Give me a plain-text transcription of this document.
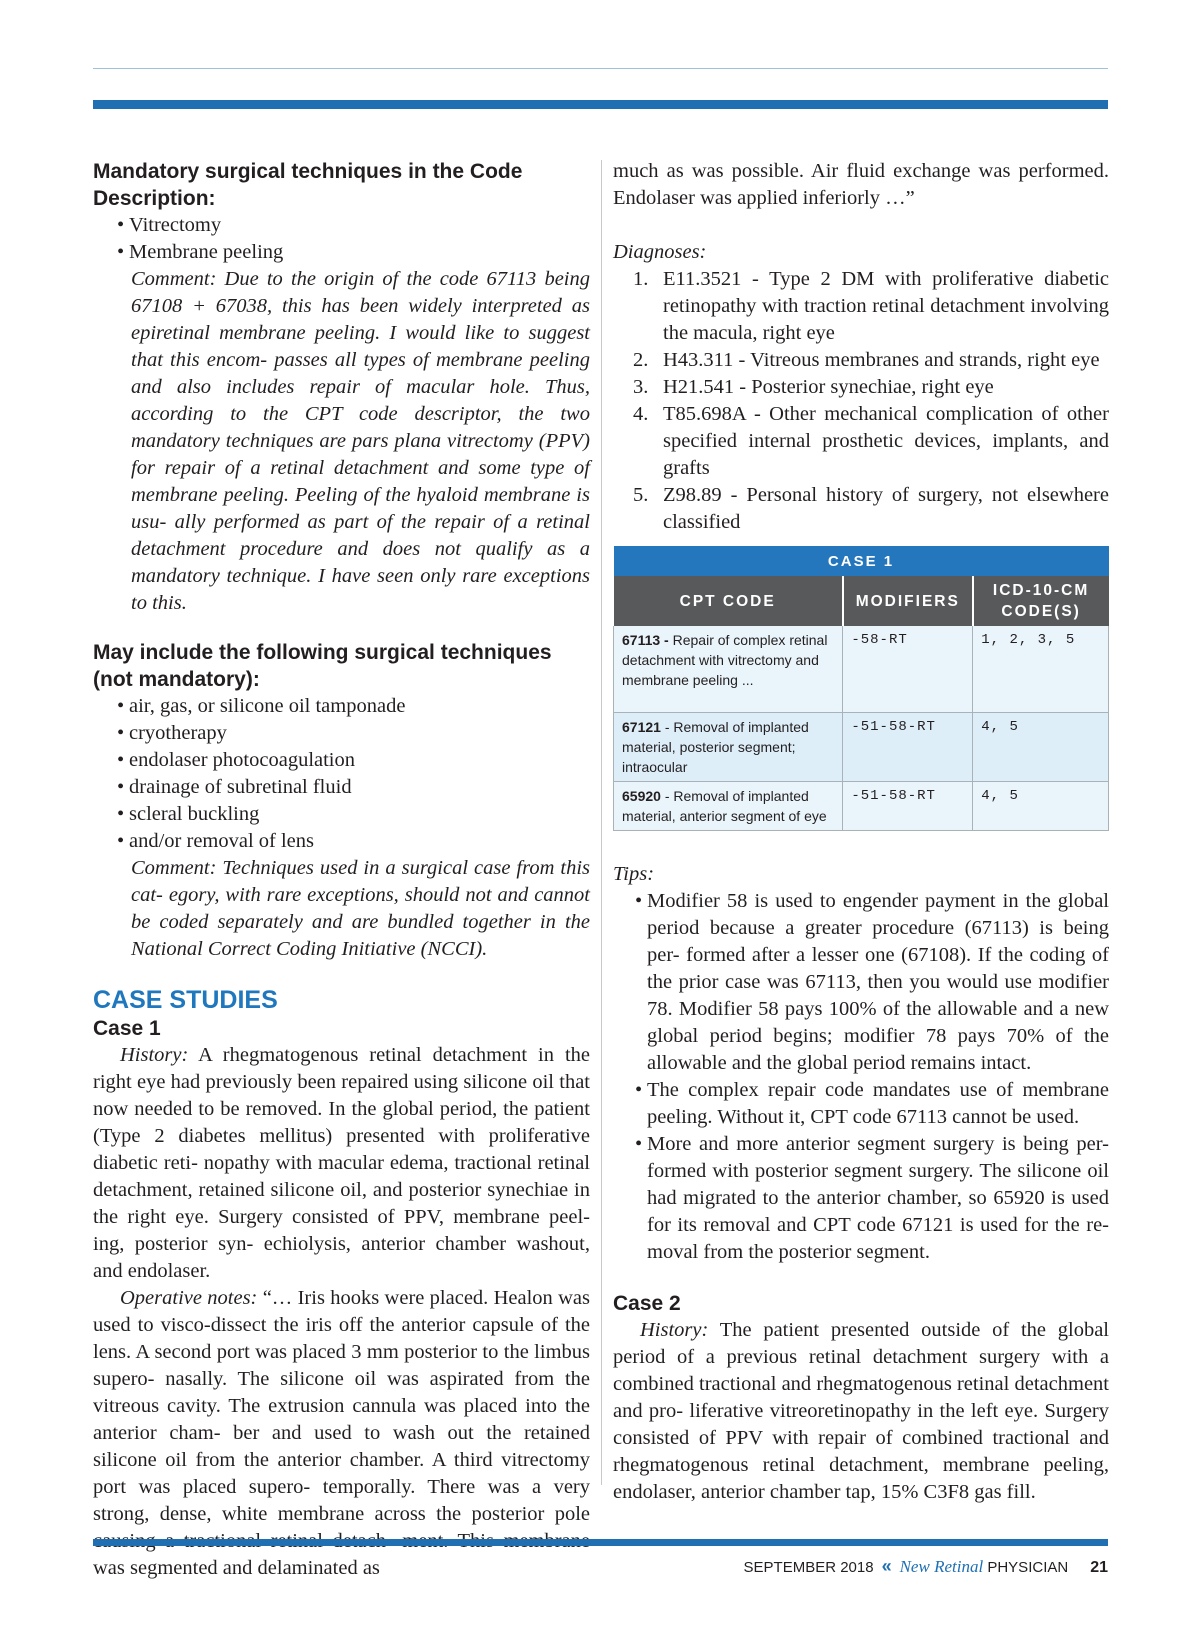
Mandatory surgical techniques in the Code
Description:
• Vitrectomy
• Membrane peeling

Comment: Due to the origin of the code 67113 being 67108 + 67038, this has been widely interpreted as epiretinal membrane peeling. I would like to suggest that this encom- passes all types of membrane peeling and also includes repair of macular hole. Thus, according to the CPT code descriptor, the two mandatory techniques are pars plana vitrectomy (PPV) for repair of a retinal detachment and some type of membrane peeling. Peeling of the hyaloid membrane is usu- ally performed as part of the repair of a retinal detachment procedure and does not qualify as a mandatory technique. I have seen only rare exceptions to this.

May include the following surgical techniques
(not mandatory):
• air, gas, or silicone oil tamponade
• cryotherapy
• endolaser photocoagulation
• drainage of subretinal fluid
• scleral buckling
• and/or removal of lens

Comment: Techniques used in a surgical case from this cat- egory, with rare exceptions, should not and cannot be coded separately and are bundled together in the National Correct Coding Initiative (NCCI).

CASE STUDIES
Case 1

History: A rhegmatogenous retinal detachment in the right eye had previously been repaired using silicone oil that now needed to be removed. In the global period, the patient (Type 2 diabetes mellitus) presented with proliferative diabetic reti- nopathy with macular edema, tractional retinal detachment, retained silicone oil, and posterior synechiae in the right eye. Surgery consisted of PPV, membrane peel- ing, posterior syn- echiolysis, anterior chamber washout, and endolaser.

Operative notes: “… Iris hooks were placed. Healon was used to visco-dissect the iris off the anterior capsule of the lens. A second port was placed 3 mm posterior to the limbus supero- nasally. The silicone oil was aspirated from the vitreous cavity. The extrusion cannula was placed into the anterior cham- ber and used to wash out the retained silicone oil from the anterior chamber. A third vitrectomy port was placed supero- temporally. There was a very strong, dense, white membrane across the posterior pole was segmented and delaminated as

much as was possible. Air fluid exchange was performed. Endolaser was applied inferiorly …”

Diagnoses:

1. E11.3521 - Type 2 DM with proliferative diabetic retinopathy with traction retinal detachment involving the macula, right eye
2. H43.311 - Vitreous membranes and strands, right eye
3. H21.541 - Posterior synechiae, right eye
4. T85.698A - Other mechanical complication of other specified internal prosthetic devices, implants, and grafts
5. Z98.89 - Personal history of surgery, not elsewhere classified
CASE 1		
CPT CODE	MODIFIERS	ICD-10-CM CODE(S)
67113 - Repair of complex retinal detachment with vitrectomy and membrane peeling ...	-58-RT	1, 2, 3, 5
67121 - Removal of implanted material, posterior segment; intraocular	-51-58-RT	4, 5
65920 - Removal of implanted material, anterior segment of eye	-51-58-RT	4, 5

Tips:

• Modifier 58 is used to engender payment in the global period because a greater procedure (67113) is being per- formed after a lesser one (67108). If the coding of the prior case was 67113, then you would use modifier 78. Modifier 58 pays 100% of the allowable and a new global period begins; modifier 78 pays 70% of the allowable and the global period remains intact.
• The complex repair code mandates use of membrane peeling. Without it, CPT code 67113 cannot be used.
• More and more anterior segment surgery is being per- formed with posterior segment surgery. The silicone oil had migrated to the anterior chamber, so 65920 is used for its removal and CPT code 67121 is used for the re- moval from the posterior segment.
Case 2

History: The patient presented outside of the global period of a previous retinal detachment surgery with a combined tractional and rhegmatogenous retinal detachment and pro- liferative vitreoretinopathy in the left eye. Surgery consisted of PPV with repair of combined tractional and rhegmatogenous retinal detachment, membrane peeling, endolaser, anterior chamber tap, 15% C3F8 gas fill.

SEPTEMBER 2018 « New Retinal PHYSICIAN 21
